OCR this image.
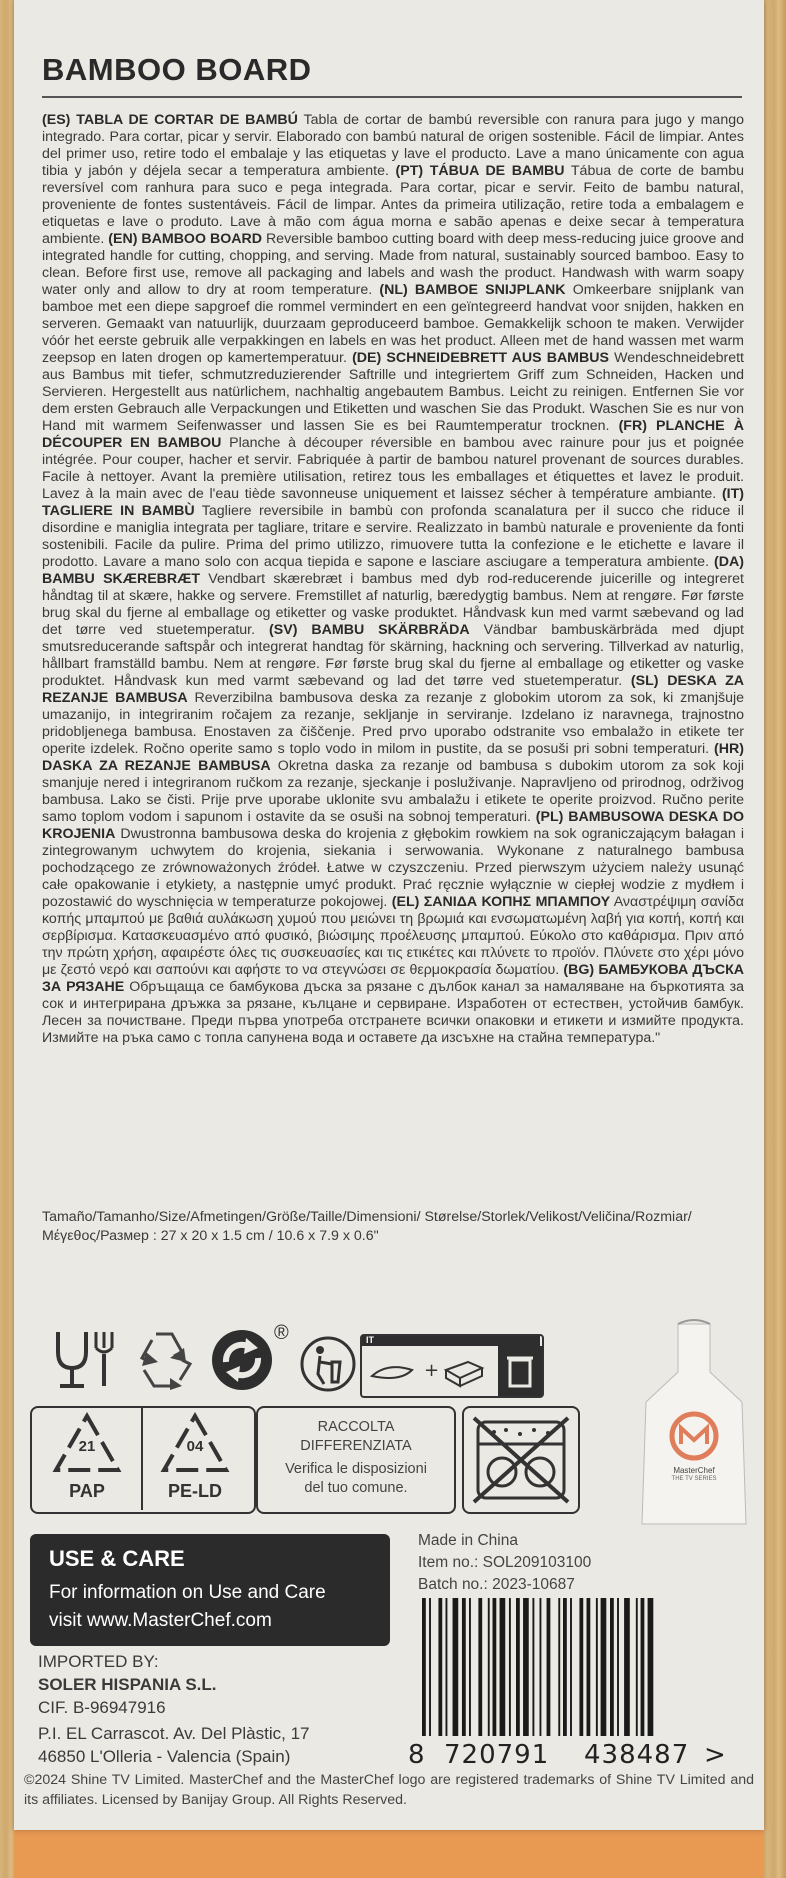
BAMBOO BOARD
(ES) TABLA DE CORTAR DE BAMBÚ Tabla de cortar de bambú reversible con ranura para jugo y mango integrado. Para cortar, picar y servir. Elaborado con bambú natural de origen sostenible. Fácil de limpiar. Antes del primer uso, retire todo el embalaje y las etiquetas y lave el producto. Lave a mano únicamente con agua tibia y jabón y déjela secar a temperatura ambiente. (PT) TÁBUA DE BAMBU Tábua de corte de bambu reversível com ranhura para suco e pega integrada. Para cortar, picar e servir. Feito de bambu natural, proveniente de fontes sustentáveis. Fácil de limpar. Antes da primeira utilização, retire toda a embalagem e etiquetas e lave o produto. Lave à mão com água morna e sabão apenas e deixe secar à temperatura ambiente. (EN) BAMBOO BOARD Reversible bamboo cutting board with deep mess-reducing juice groove and integrated handle for cutting, chopping, and serving. Made from natural, sustainably sourced bamboo. Easy to clean. Before first use, remove all packaging and labels and wash the product. Handwash with warm soapy water only and allow to dry at room temperature. (NL) BAMBOE SNIJPLANK Omkeerbare snijplank van bamboe met een diepe sapgroef die rommel vermindert en een geïntegreerd handvat voor snijden, hakken en serveren. Gemaakt van natuurlijk, duurzaam geproduceerd bamboe. Gemakkelijk schoon te maken. Verwijder vóór het eerste gebruik alle verpakkingen en labels en was het product. Alleen met de hand wassen met warm zeepsop en laten drogen op kamertemperatuur. (DE) SCHNEIDEBRETT AUS BAMBUS Wendeschneidebrett aus Bambus mit tiefer, schmutzreduzierender Saftrille und integriertem Griff zum Schneiden, Hacken und Servieren. Hergestellt aus natürlichem, nachhaltig angebautem Bambus. Leicht zu reinigen. Entfernen Sie vor dem ersten Gebrauch alle Verpackungen und Etiketten und waschen Sie das Produkt. Waschen Sie es nur von Hand mit warmem Seifenwasser und lassen Sie es bei Raumtemperatur trocknen. (FR) PLANCHE À DÉCOUPER EN BAMBOU Planche à découper réversible en bambou avec rainure pour jus et poignée intégrée. Pour couper, hacher et servir. Fabriquée à partir de bambou naturel provenant de sources durables. Facile à nettoyer. Avant la première utilisation, retirez tous les emballages et étiquettes et lavez le produit. Lavez à la main avec de l'eau tiède savonneuse uniquement et laissez sécher à température ambiante. (IT) TAGLIERE IN BAMBÙ Tagliere reversibile in bambù con profonda scanalatura per il succo che riduce il disordine e maniglia integrata per tagliare, tritare e servire. Realizzato in bambù naturale e proveniente da fonti sostenibili. Facile da pulire. Prima del primo utilizzo, rimuovere tutta la confezione e le etichette e lavare il prodotto. Lavare a mano solo con acqua tiepida e sapone e lasciare asciugare a temperatura ambiente. (DA) BAMBU SKÆREBRÆT Vendbart skærebræt i bambus med dyb rod-reducerende juicerille og integreret håndtag til at skære, hakke og servere. Fremstillet af naturlig, bæredygtig bambus. Nem at rengøre. Før første brug skal du fjerne al emballage og etiketter og vaske produktet. Håndvask kun med varmt sæbevand og lad det tørre ved stuetemperatur. (SV) BAMBU SKÄRBRÄDA Vändbar bambuskärbräda med djupt smutsreducerande saftspår och integrerat handtag för skärning, hackning och servering. Tillverkad av naturlig, hållbart framställd bambu. Nem at rengøre. Før første brug skal du fjerne al emballage og etiketter og vaske produktet. Håndvask kun med varmt sæbevand og lad det tørre ved stuetemperatur. (SL) DESKA ZA REZANJE BAMBUSA Reverzibilna bambusova deska za rezanje z globokim utorom za sok, ki zmanjšuje umazanijo, in integriranim ročajem za rezanje, sekljanje in serviranje. Izdelano iz naravnega, trajnostno pridobljenega bambusa. Enostaven za čiščenje. Pred prvo uporabo odstranite vso embalažo in etikete ter operite izdelek. Ročno operite samo s toplo vodo in milom in pustite, da se posuši pri sobni temperaturi. (HR) DASKA ZA REZANJE BAMBUSA Okretna daska za rezanje od bambusa s dubokim utorom za sok koji smanjuje nered i integriranom ručkom za rezanje, sjeckanje i posluživanje. Napravljeno od prirodnog, održivog bambusa. Lako se čisti. Prije prve uporabe uklonite svu ambalažu i etikete te operite proizvod. Ručno perite samo toplom vodom i sapunom i ostavite da se osuši na sobnoj temperaturi. (PL) BAMBUSOWA DESKA DO KROJENIA Dwustronna bambusowa deska do krojenia z głębokim rowkiem na sok ograniczającym bałagan i zintegrowanym uchwytem do krojenia, siekania i serwowania. Wykonane z naturalnego bambusa pochodzącego ze zrównoważonych źródeł. Łatwe w czyszczeniu. Przed pierwszym użyciem należy usunąć całe opakowanie i etykiety, a następnie umyć produkt. Prać ręcznie wyłącznie w ciepłej wodzie z mydłem i pozostawić do wyschnięcia w temperaturze pokojowej. (EL) ΣΑΝΙΔΑ ΚΟΠΗΣ ΜΠΑΜΠΟΥ Αναστρέψιμη σανίδα κοπής μπαμπού με βαθιά αυλάκωση χυμού που μειώνει τη βρωμιά και ενσωματωμένη λαβή για κοπή, κοπή και σερβίρισμα. Κατασκευασμένο από φυσικό, βιώσιμης προέλευσης μπαμπού. Εύκολο στο καθάρισμα. Πριν από την πρώτη χρήση, αφαιρέστε όλες τις συσκευασίες και τις ετικέτες και πλύνετε το προϊόν. Πλύνετε στο χέρι μόνο με ζεστό νερό και σαπούνι και αφήστε το να στεγνώσει σε θερμοκρασία δωματίου. (BG) БАМБУКОВА ДЪСКА ЗА РЯЗАНЕ Обръщаща се бамбукова дъска за рязане с дълбок канал за намаляване на бъркотията за сок и интегрирана дръжка за рязане, кълцане и сервиране. Изработен от естествен, устойчив бамбук. Лесен за почистване. Преди първа употреба отстранете всички опаковки и етикети и измийте продукта. Измийте на ръка само с топла сапунена вода и оставете да изсъхне на стайна температура."
Tamaño/Tamanho/Size/Afmetingen/Größe/Taille/Dimensioni/ Størelse/Storlek/Velikost/Veličina/Rozmiar/Μέγεθος/Размер : 27 x 20 x 1.5 cm / 10.6 x 7.9 x 0.6"
®	IT
+
21
PAP
04
PE-LD
RACCOLTA
DIFFERENZIATA
Verifica le disposizioni
del tuo comune.
MasterChef
THE TV SERIES
USE & CARE
For information on Use and Care
visit www.MasterChef.com
Made in China
Item no.: SOL209103100
Batch no.: 2023-10687
IMPORTED BY:
SOLER HISPANIA S.L.
CIF. B-96947916
P.I. EL Carrascot. Av. Del Plàstic, 17
46850 L'Olleria - Valencia (Spain)	8 720791 438487 >
©2024 Shine TV Limited. MasterChef and the MasterChef logo are registered trademarks of Shine TV Limited and its affiliates. Licensed by Banijay Group. All Rights Reserved.
